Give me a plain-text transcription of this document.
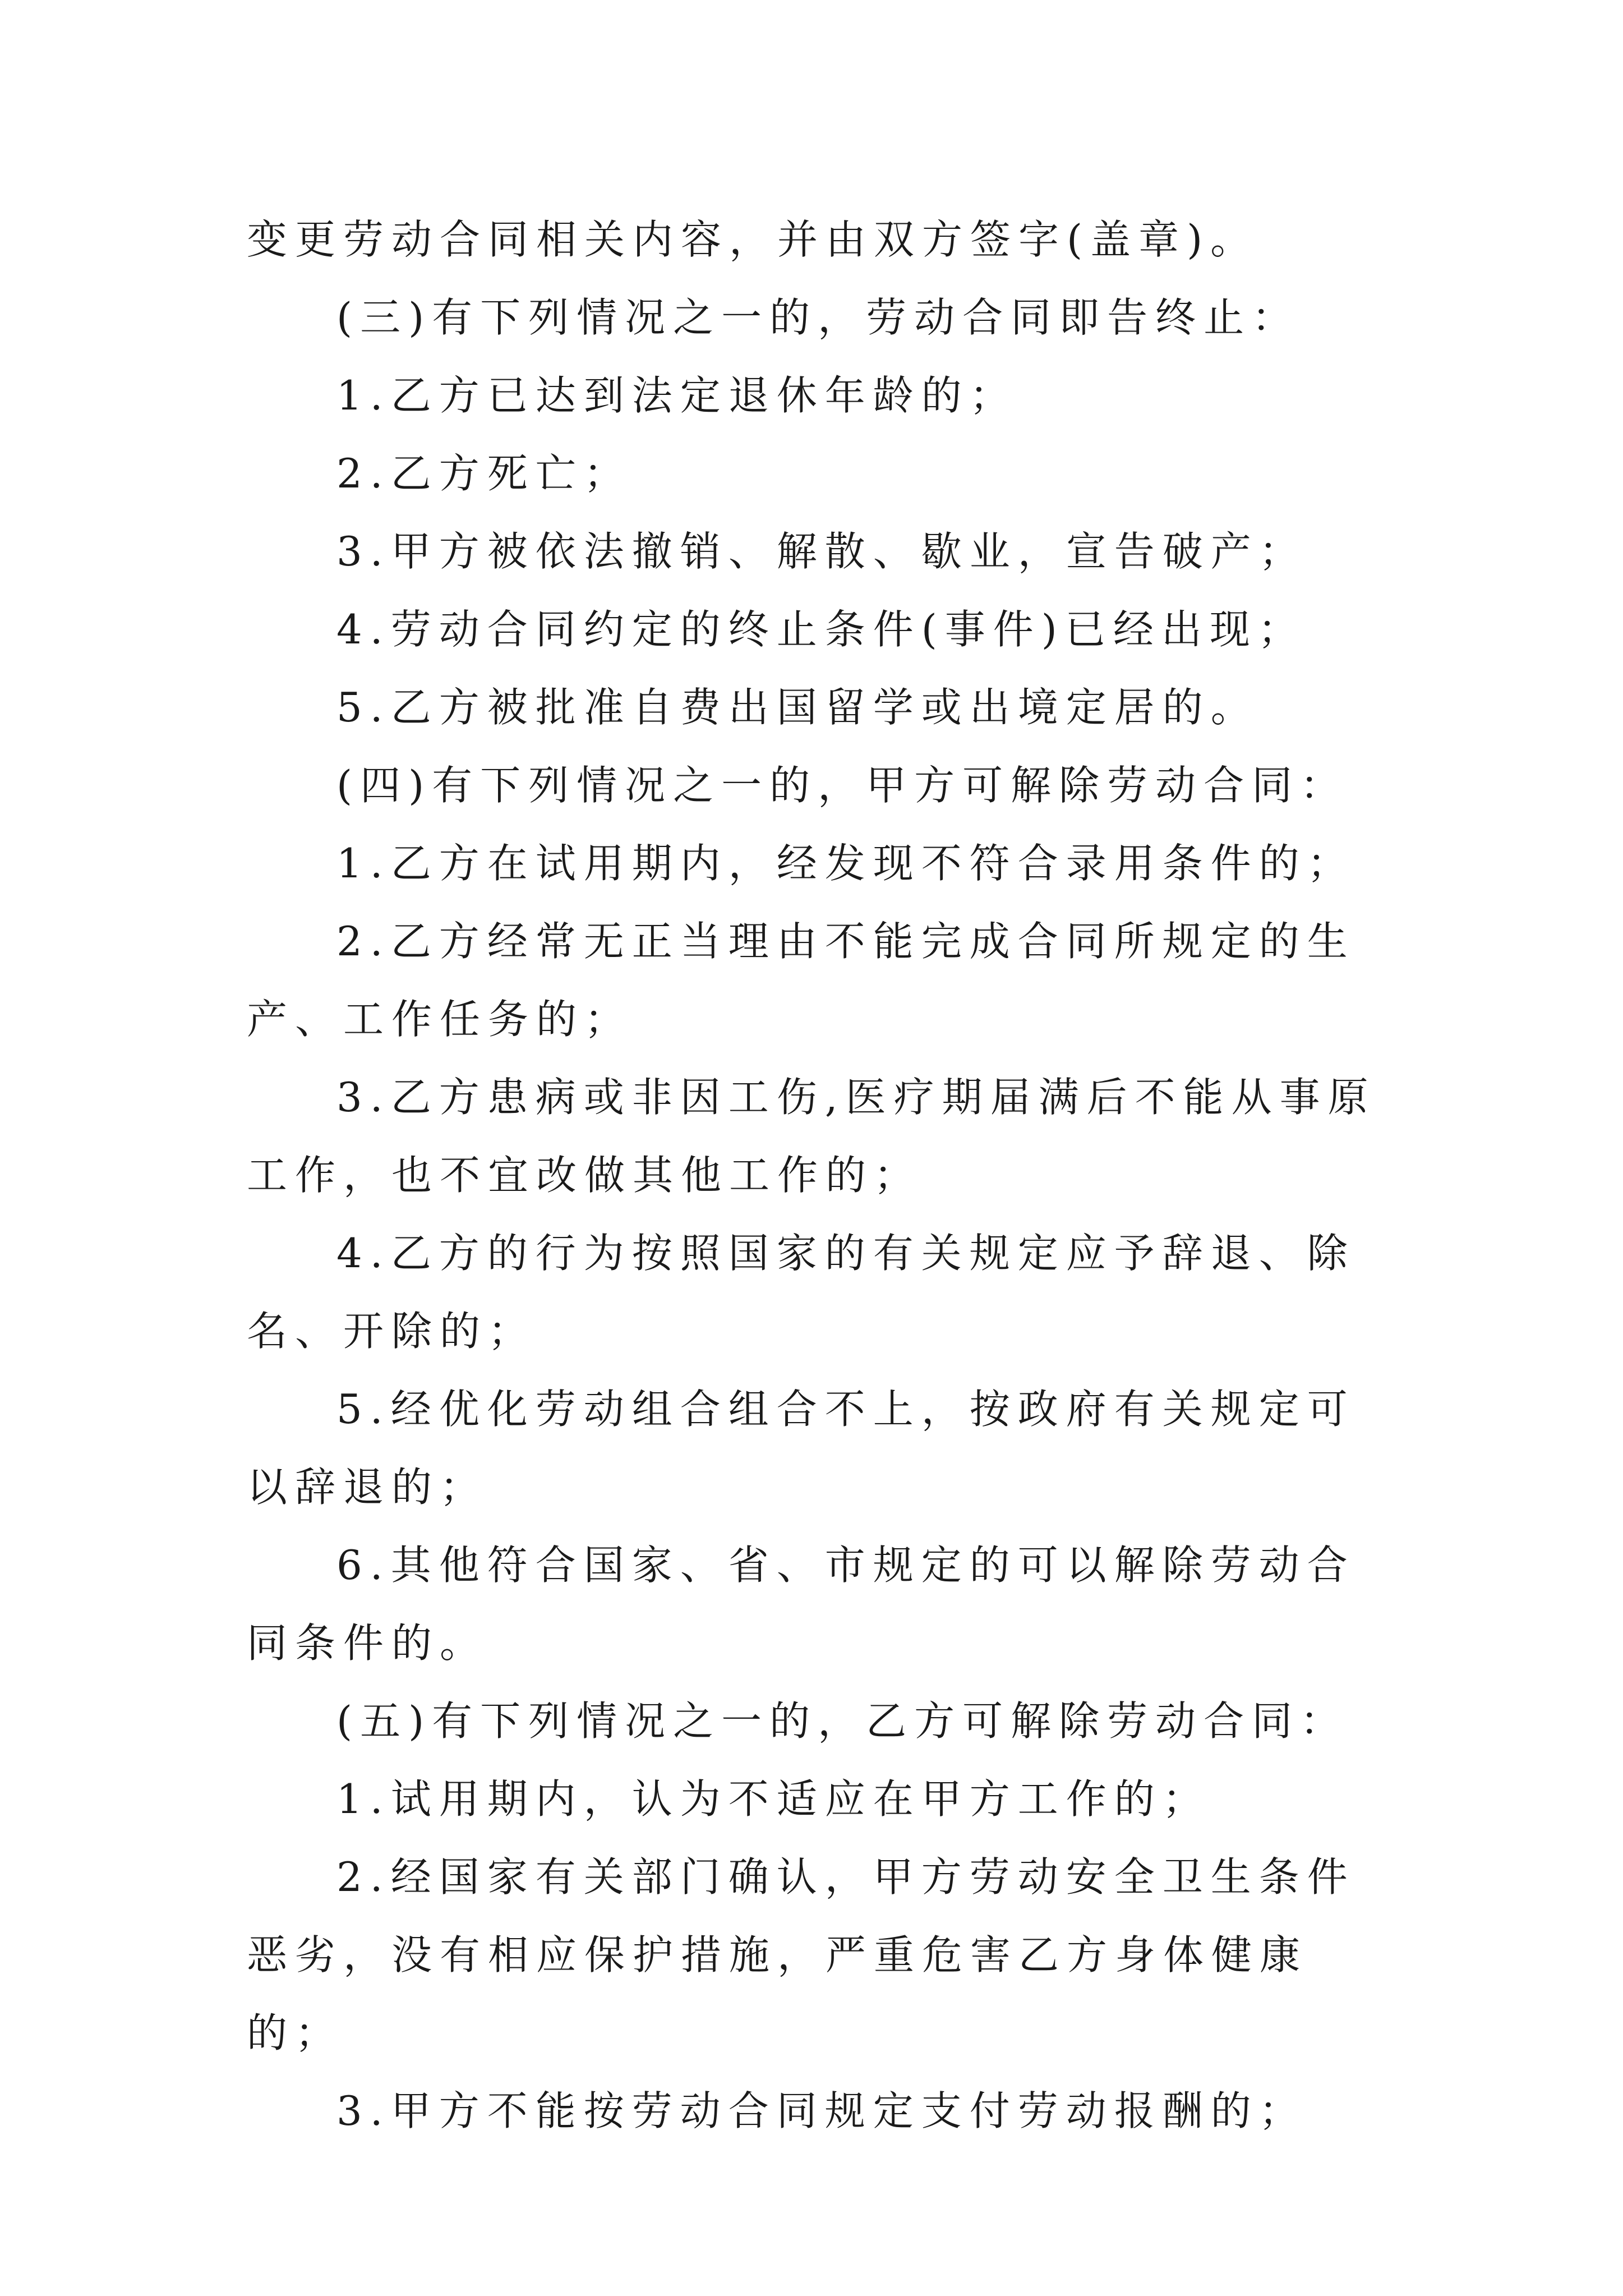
变更劳动合同相关内容，并由双方签字(盖章)。

(三)有下列情况之一的，劳动合同即告终止：

1.乙方已达到法定退休年龄的；

2.乙方死亡；

3.甲方被依法撤销、解散、歇业，宣告破产；

4.劳动合同约定的终止条件(事件)已经出现；

5.乙方被批准自费出国留学或出境定居的。

(四)有下列情况之一的，甲方可解除劳动合同：

1.乙方在试用期内，经发现不符合录用条件的；

2.乙方经常无正当理由不能完成合同所规定的生产、工作任务的；

3.乙方患病或非因工伤,医疗期届满后不能从事原工作，也不宜改做其他工作的；

4.乙方的行为按照国家的有关规定应予辞退、除名、开除的；

5.经优化劳动组合组合不上，按政府有关规定可以辞退的；

6.其他符合国家、省、市规定的可以解除劳动合同条件的。

(五)有下列情况之一的，乙方可解除劳动合同：

1.试用期内，认为不适应在甲方工作的；

2.经国家有关部门确认，甲方劳动安全卫生条件恶劣，没有相应保护措施，严重危害乙方身体健康的；

3.甲方不能按劳动合同规定支付劳动报酬的；
